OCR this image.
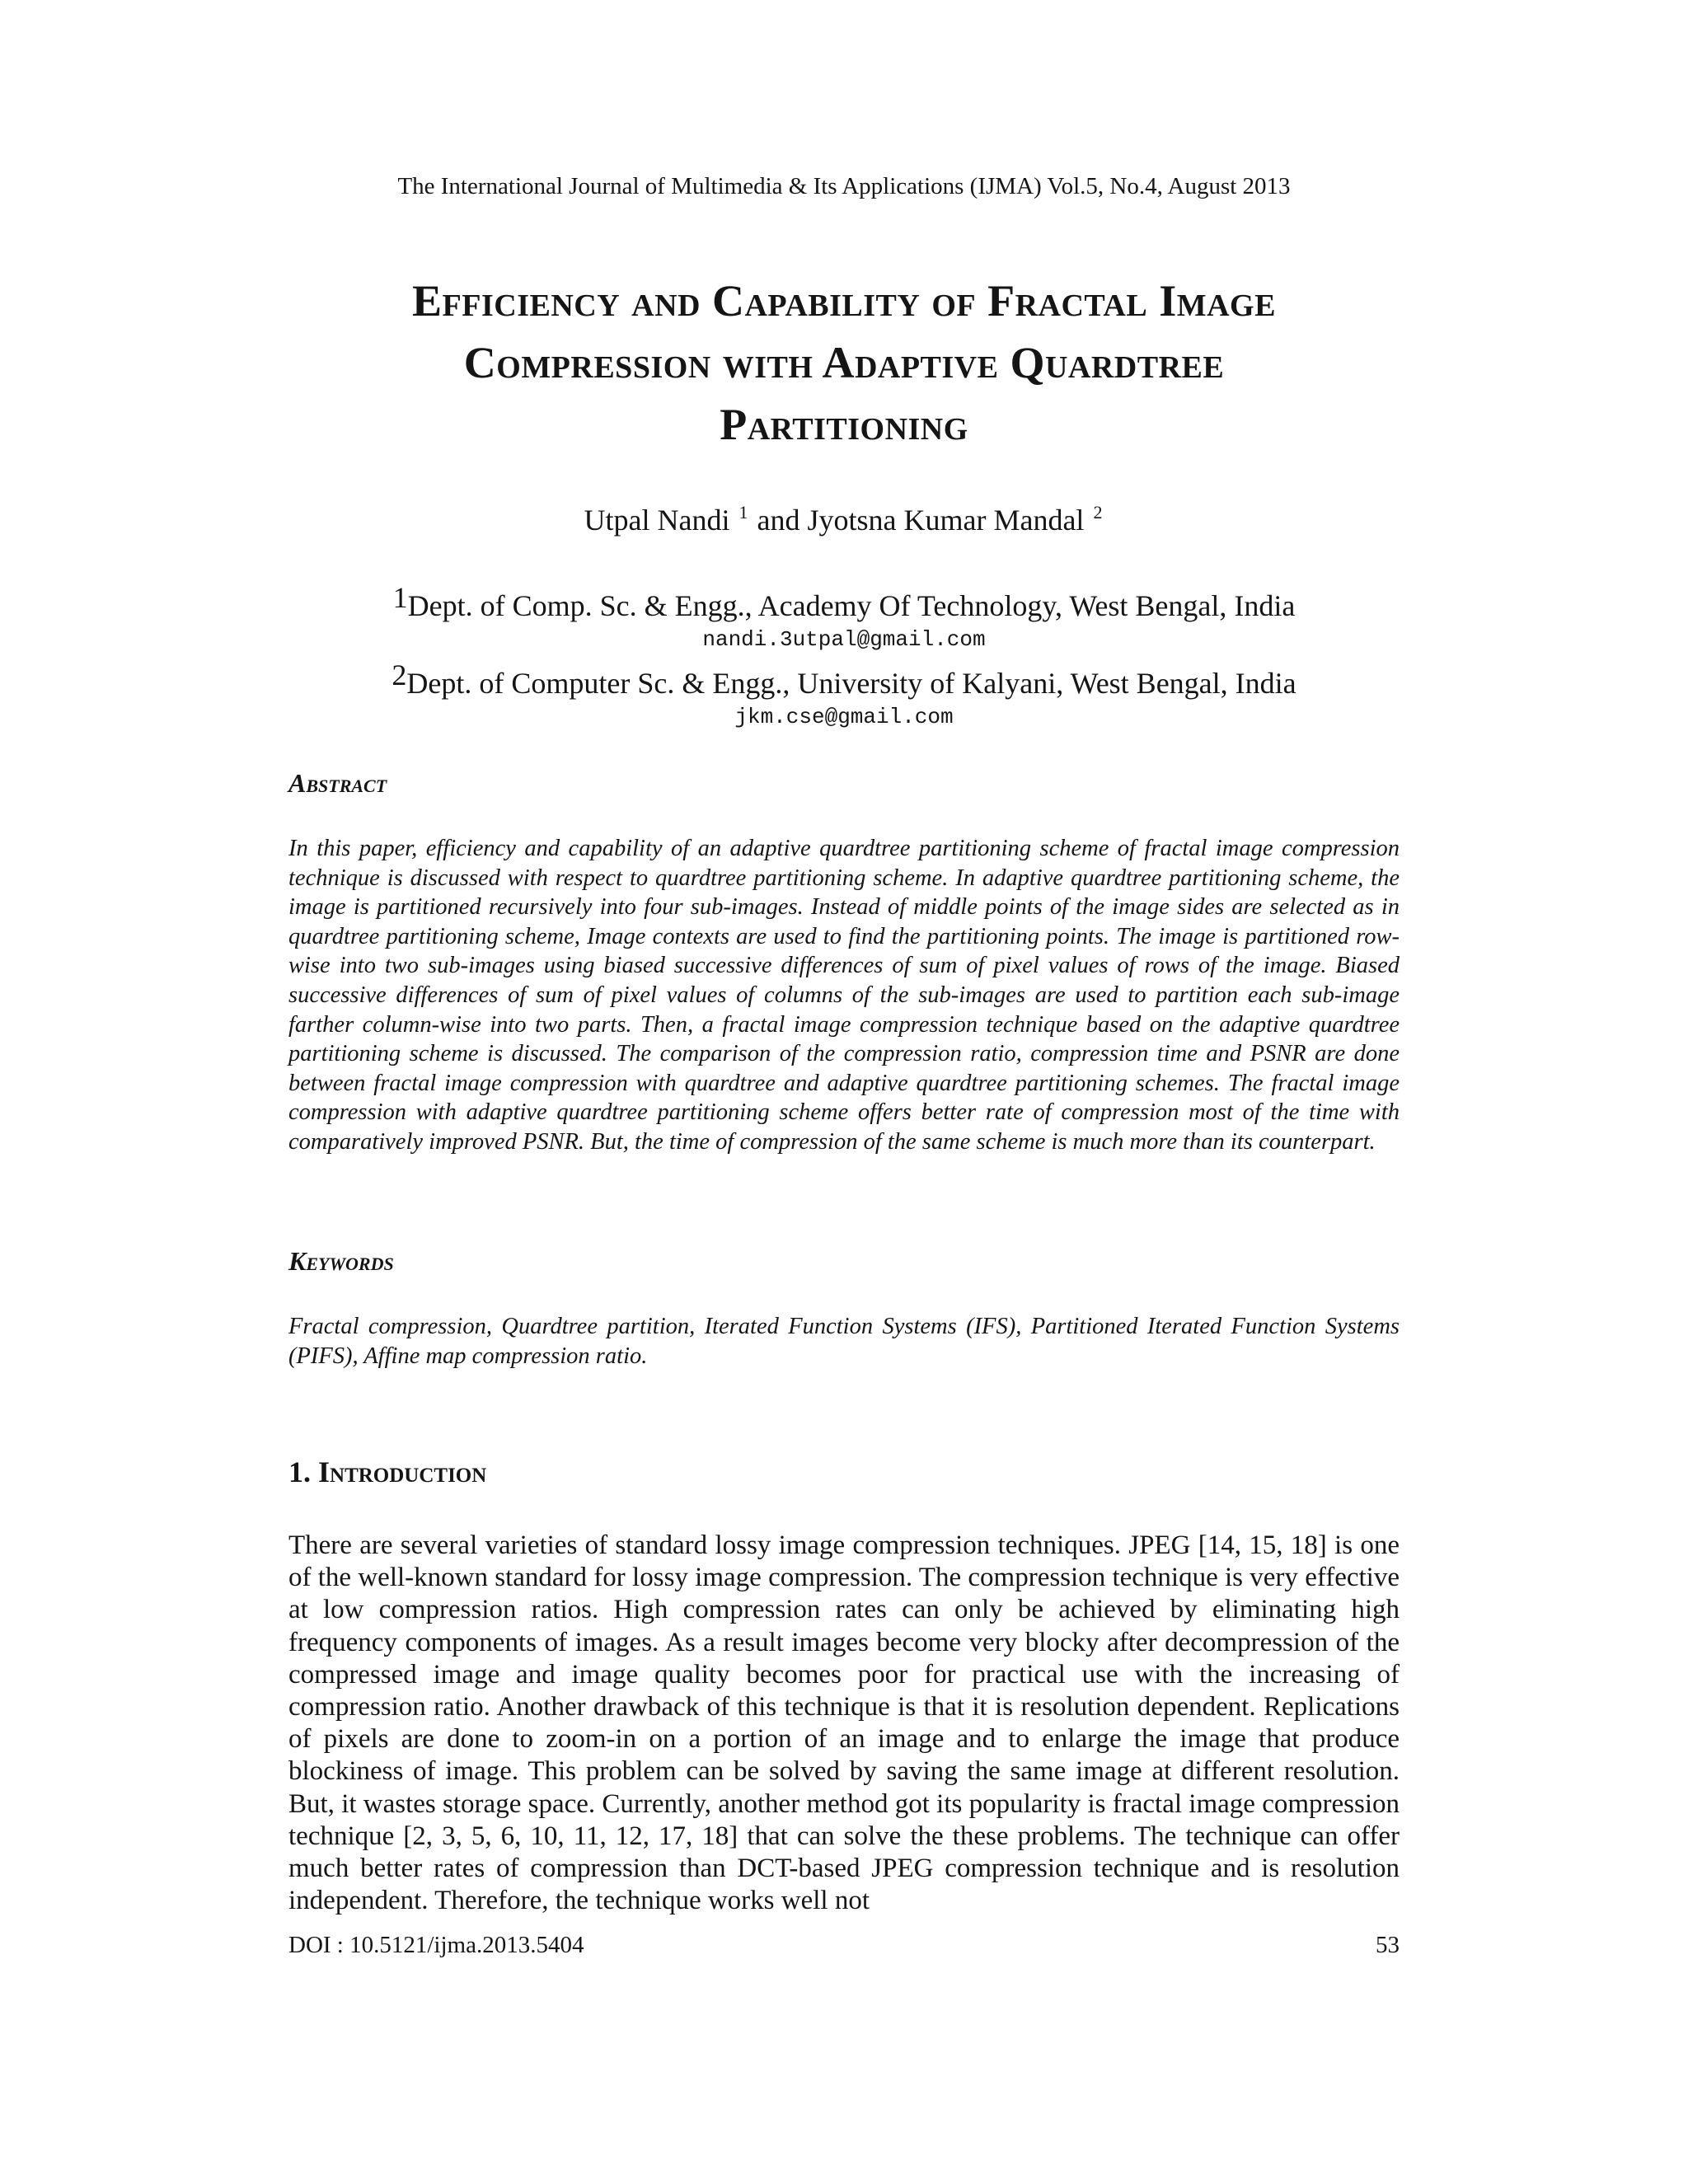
The International Journal of Multimedia & Its Applications (IJMA) Vol.5, No.4, August 2013
Efficiency and Capability of Fractal Image
Compression with Adaptive Quardtree
Partitioning
Utpal Nandi $^1$ and Jyotsna Kumar Mandal $^2$
$^1$Dept. of Comp. Sc. & Engg., Academy Of Technology, West Bengal, India
nandi.3utpal@gmail.com
$^2$Dept. of Computer Sc. & Engg., University of Kalyani, West Bengal, India
jkm.cse@gmail.com
Abstract

In this paper, efficiency and capability of an adaptive quardtree partitioning scheme of fractal image compression technique is discussed with respect to quardtree partitioning scheme. In adaptive quardtree partitioning scheme, the image is partitioned recursively into four sub-images. Instead of middle points of the image sides are selected as in quardtree partitioning scheme, Image contexts are used to find the partitioning points. The image is partitioned row-wise into two sub-images using biased successive differences of sum of pixel values of rows of the image. Biased successive differences of sum of pixel values of columns of the sub-images are used to partition each sub-image farther column-wise into two parts. Then, a fractal image compression technique based on the adaptive quardtree partitioning scheme is discussed. The comparison of the compression ratio, compression time and PSNR are done between fractal image compression with quardtree and adaptive quardtree partitioning schemes. The fractal image compression with adaptive quardtree partitioning scheme offers better rate of compression most of the time with comparatively improved PSNR. But, the time of compression of the same scheme is much more than its counterpart.

Keywords

Fractal compression, Quardtree partition, Iterated Function Systems (IFS), Partitioned Iterated Function Systems (PIFS), Affine map compression ratio.

1. Introduction

There are several varieties of standard lossy image compression techniques. JPEG [14, 15, 18] is one of the well-known standard for lossy image compression. The compression technique is very effective at low compression ratios. High compression rates can only be achieved by eliminating high frequency components of images. As a result images become very blocky after decompression of the compressed image and image quality becomes poor for practical use with the increasing of compression ratio. Another drawback of this technique is that it is resolution dependent. Replications of pixels are done to zoom-in on a portion of an image and to enlarge the image that produce blockiness of image. This problem can be solved by saving the same image at different resolution. But, it wastes storage space. Currently, another method got its popularity is fractal image compression technique [2, 3, 5, 6, 10, 11, 12, 17, 18] that can solve the these problems. The technique can offer much better rates of compression than DCT-based JPEG compression technique and is resolution independent. Therefore, the technique works well not

DOI : 10.5121/ijma.2013.5404	53
